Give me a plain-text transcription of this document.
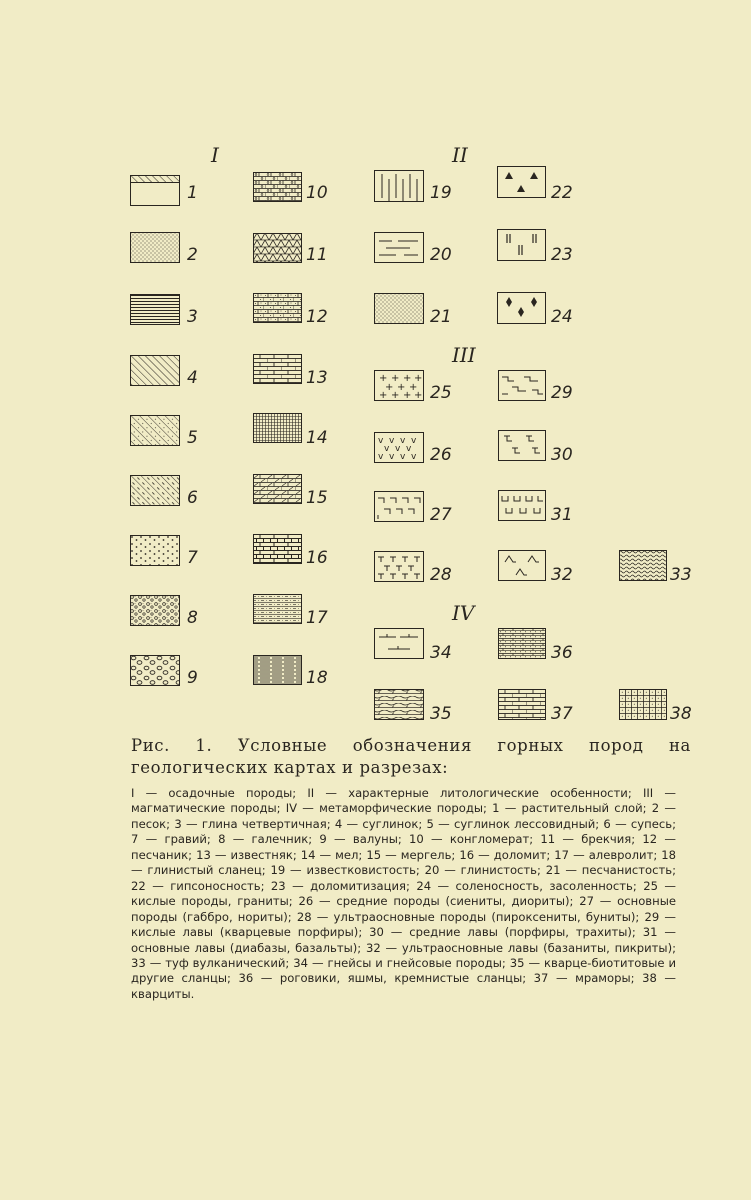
I	II
III
IV
1
2
3
4
5
6
7
8
9
10
11
12
13
14
15
16
17
18
19
20
21
+ + + +
+ + +
+ + + + 25
v v v v
v v v
v v v v 26
27
28
34
35
22
23
24
29
30
31
32
36
37
33
38
Рис. 1. Условные обозначения горных пород на геологических картах и разрезах:
I — осадочные породы; II — характерные литологические особенности; III — магматические породы; IV — метаморфические породы; 1 — растительный слой; 2 — песок; 3 — глина четвертичная; 4 — суглинок; 5 — суглинок лессовидный; 6 — супесь; 7 — гравий; 8 — галечник; 9 — валуны; 10 — конгломерат; 11 — брекчия; 12 — песчаник; 13 — известняк; 14 — мел; 15 — мергель; 16 — доломит; 17 — алевролит; 18 — глинистый сланец; 19 — известковистость; 20 — глинистость; 21 — песчанистость; 22 — гипсоносность; 23 — доломитизация; 24 — соленосность, засоленность; 25 — кислые породы, граниты; 26 — средние породы (сиениты, диориты); 27 — основные породы (габбро, нориты); 28 — ультраосновные породы (пироксениты, буниты); 29 — кислые лавы (кварцевые порфиры); 30 — средние лавы (порфиры, трахиты); 31 — основные лавы (диабазы, базальты); 32 — ультраосновные лавы (базаниты, пикриты); 33 — туф вулканический; 34 — гнейсы и гнейсовые породы; 35 — кварце-биотитовые и другие сланцы; 36 — роговики, яшмы, кремнистые сланцы; 37 — мраморы; 38 — кварциты.
